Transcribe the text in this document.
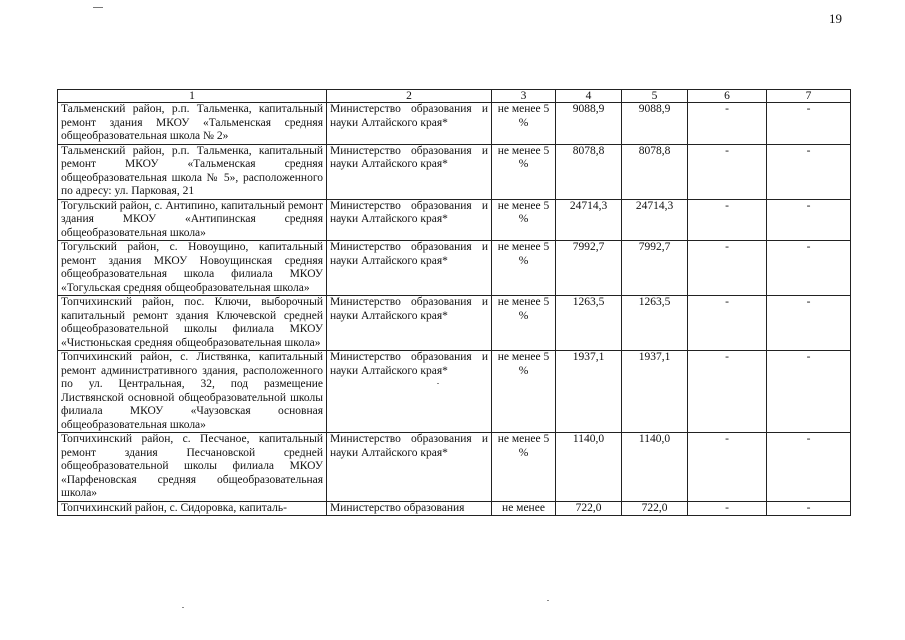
19
1	2	3	4	5	6	7
Тальменский район, р.п. Тальменка, капитальный ремонт здания МКОУ «Тальменская средняя общеобразовательная школа № 2»	Министерство образования и науки Алтайского края*	не менее 5 %	9088,9	9088,9	-	-
Тальменский район, р.п. Тальменка, капитальный ремонт МКОУ «Тальменская средняя общеобразовательная школа № 5», расположенного по адресу: ул. Парковая, 21	Министерство образования и науки Алтайского края*	не менее 5 %	8078,8	8078,8	-	-
Тогульский район, с. Антипино, капитальный ремонт здания МКОУ «Антипинская средняя общеобразовательная школа»	Министерство образования и науки Алтайского края*	не менее 5 %	24714,3	24714,3	-	-
Тогульский район, с. Новоущино, капитальный ремонт здания МКОУ Новоущинская средняя общеобразовательная школа филиала МКОУ «Тогульская средняя общеобразовательная школа»	Министерство образования и науки Алтайского края*	не менее 5 %	7992,7	7992,7	-	-
Топчихинский район, пос. Ключи, выборочный капитальный ремонт здания Ключевской средней общеобразовательной школы филиала МКОУ «Чистюньская средняя общеобразовательная школа»	Министерство образования и науки Алтайского края*	не менее 5 %	1263,5	1263,5	-	-
Топчихинский район, с. Листвянка, капитальный ремонт административного здания, расположенного по ул. Центральная, 32, под размещение Листвянской основной общеобразовательной школы филиала МКОУ «Чаузовская основная общеобразовательная школа»	Министерство образования и науки Алтайского края*	не менее 5 %	1937,1	1937,1	-	-
Топчихинский район, с. Песчаное, капитальный ремонт здания Песчановской средней общеобразовательной школы филиала МКОУ «Парфеновская средняя общеобразовательная школа»	Министерство образования и науки Алтайского края*	не менее 5 %	1140,0	1140,0	-	-
Топчихинский район, с. Сидоровка, капиталь-	Министерство образования	не менее	722,0	722,0	-	-
